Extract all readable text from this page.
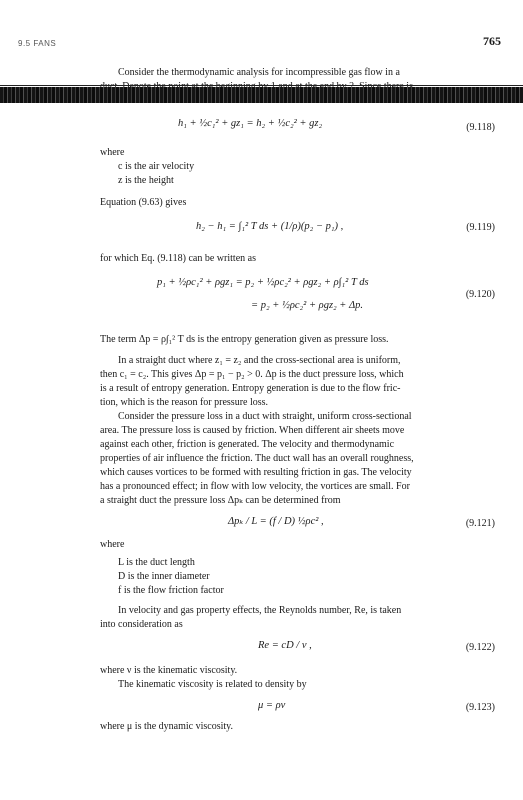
9.5 FANS	765
Consider the thermodynamic analysis for incompressible gas flow in a
h₁ + ½c₁² + gz₁ = h₂ + ½c₂² + gz₂	(9.118)
where
c is the air velocity
z is the height
Equation (9.63) gives
h₂ − h₁ = ∫₁² T ds + (1/ρ)(p₂ − p₁) ,	(9.119)
for which Eq. (9.118) can be written as
p₁ + ½ρc₁² + ρgz₁ = p₂ + ½ρc₂² + ρgz₂ + ρ∫₁² T ds
= p₂ + ½ρc₂² + ρgz₂ + Δp.
(9.120)
The term Δp = ρ∫₁² T ds is the entropy generation given as pressure loss.
In a straight duct where z₁ = z₂ and the cross-sectional area is uniform,
then c₁ = c₂. This gives Δp = p₁ − p₂ > 0. Δp is the duct pressure loss, which
is a result of entropy generation. Entropy generation is due to the flow fric-
tion, which is the reason for pressure loss.
Consider the pressure loss in a duct with straight, uniform cross-sectional
area. The pressure loss is caused by friction. When different air sheets move
against each other, friction is generated. The velocity and thermodynamic
properties of air influence the friction. The duct wall has an overall roughness,
which causes vortices to be formed with resulting friction in gas. The velocity
has a pronounced effect; in flow with low velocity, the vortices are small. For
a straight duct the pressure loss Δpₖ can be determined from
Δpₖ / L = (f / D) ½ρc² ,	(9.121)
where
L is the duct length
D is the inner diameter
f is the flow friction factor
In velocity and gas property effects, the Reynolds number, Re, is taken
into consideration as
Re = cD / ν ,	(9.122)
where ν is the kinematic viscosity.
The kinematic viscosity is related to density by
μ = ρν	(9.123)
where μ is the dynamic viscosity.
